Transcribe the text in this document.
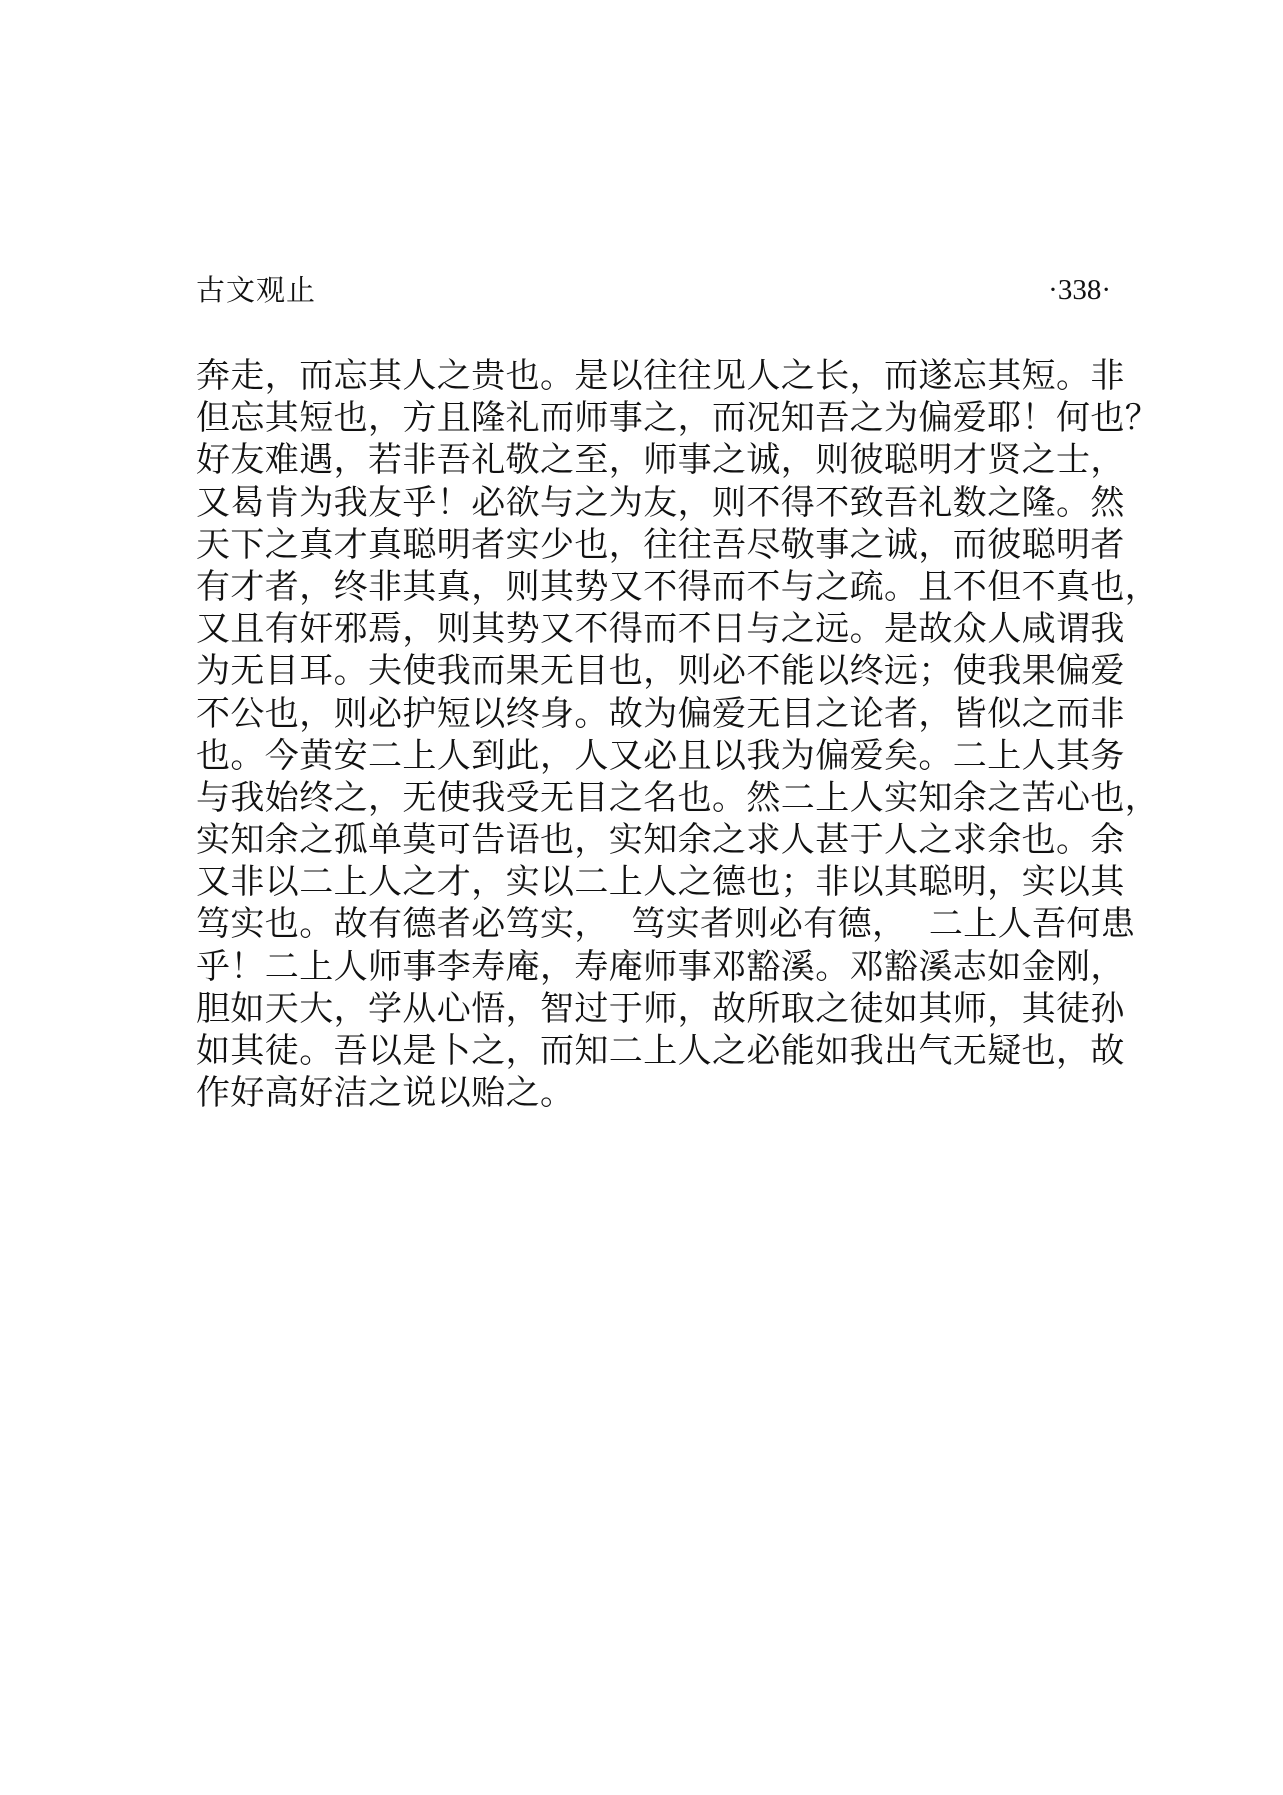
古文观止	·338·
奔走，而忘其人之贵也。是以往往见人之长，而遂忘其短。非
但忘其短也，方且隆礼而师事之，而况知吾之为偏爱耶！何也？
好友难遇，若非吾礼敬之至，师事之诚，则彼聪明才贤之士，
又曷肯为我友乎！必欲与之为友，则不得不致吾礼数之隆。然
天下之真才真聪明者实少也，往往吾尽敬事之诚，而彼聪明者
有才者，终非其真，则其势又不得而不与之疏。且不但不真也，
又且有奸邪焉，则其势又不得而不日与之远。是故众人咸谓我
为无目耳。夫使我而果无目也，则必不能以终远；使我果偏爱
不公也，则必护短以终身。故为偏爱无目之论者，皆似之而非
也。今黄安二上人到此，人又必且以我为偏爱矣。二上人其务
与我始终之，无使我受无目之名也。然二上人实知余之苦心也，
实知余之孤单莫可告语也，实知余之求人甚于人之求余也。余
又非以二上人之才，实以二上人之德也；非以其聪明，实以其
笃实也。故有德者必笃实，  笃实者则必有德，  二上人吾何患
乎！二上人师事李寿庵，寿庵师事邓豁溪。邓豁溪志如金刚，
胆如天大，学从心悟，智过于师，故所取之徒如其师，其徒孙
如其徒。吾以是卜之，而知二上人之必能如我出气无疑也，故
作好高好洁之说以贻之。
